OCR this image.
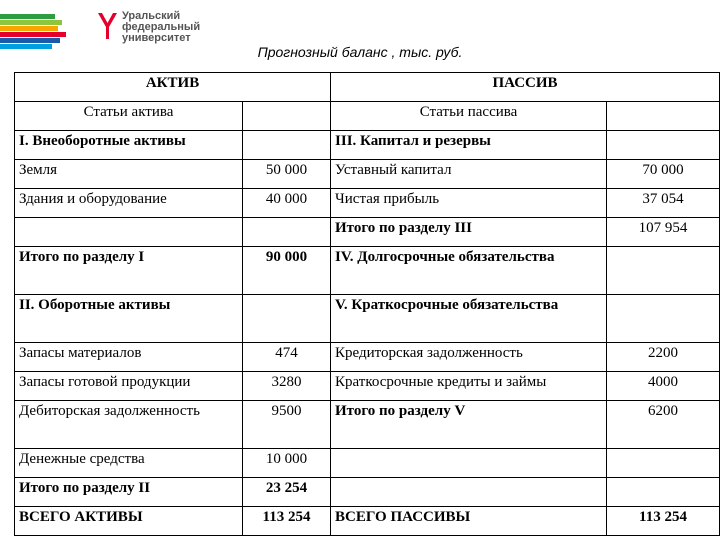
Уральский
федеральный
университет
Прогнозный баланс , тыс. руб.
АКТИВ		ПАССИВ	
Статьи актива		Статьи пассива	
I. Внеоборотные активы		III. Капитал и резервы	
Земля	50 000	Уставный капитал	70 000
Здания и оборудование	40 000	Чистая прибыль	37 054
		Итого по разделу III	107 954
Итого по разделу I	90 000	IV. Долгосрочные обязательства	
II. Оборотные активы		V. Краткосрочные обязательства	
Запасы материалов	474	Кредиторская задолженность	2200
Запасы готовой продукции	3280	Краткосрочные кредиты и займы	4000
Дебиторская задолженность	9500	Итого по разделу V	6200
Денежные средства	10 000		
Итого по разделу II	23 254		
ВСЕГО АКТИВЫ	113 254	ВСЕГО ПАССИВЫ	113 254
